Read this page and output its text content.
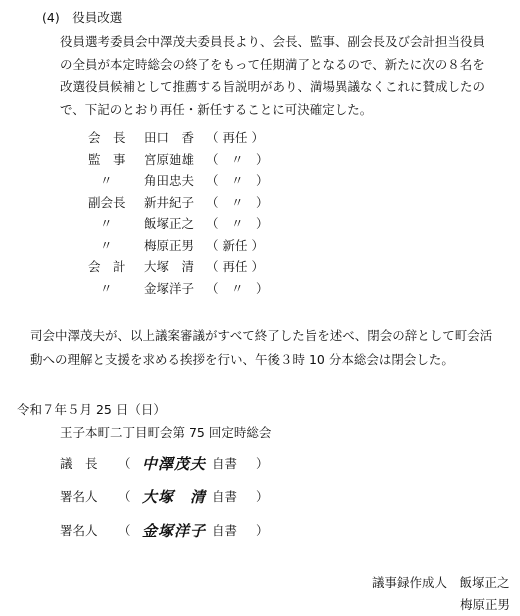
(4)　役員改選
役員選考委員会中澤茂夫委員長より、会長、監事、副会長及び会計担当役員
の全員が本定時総会の終了をもって任期満了となるので、新たに次の８名を
改選役員候補として推薦する旨説明があり、満場異議なくこれに賛成したの
で、下記のとおり再任・新任することに可決確定した。
会　長 田口　香 （ 再任 ）
監　事 宮原廸雄 （　〃　）
〃	角田忠夫 （　〃　）
副会長 新井紀子 （　〃　）
〃	飯塚正之 （　〃　）
〃	梅原正男 （ 新任 ）
会　計 大塚　清 （ 再任 ）
〃	金塚洋子 （　〃　）
司会中澤茂夫が、以上議案審議がすべて終了した旨を述べ、閉会の辞として町会活
動への理解と支援を求める挨拶を行い、午後３時 10 分本総会は閉会した。
令和７年５月 25 日（日）
王子本町二丁目町会第 75 回定時総会
議　長 （ 中澤茂夫 自書 ）
署名人 （ 大塚　清 自書 ）
署名人 （ 金塚洋子 自書 ）
議事録作成人　飯塚正之
梅原正男
